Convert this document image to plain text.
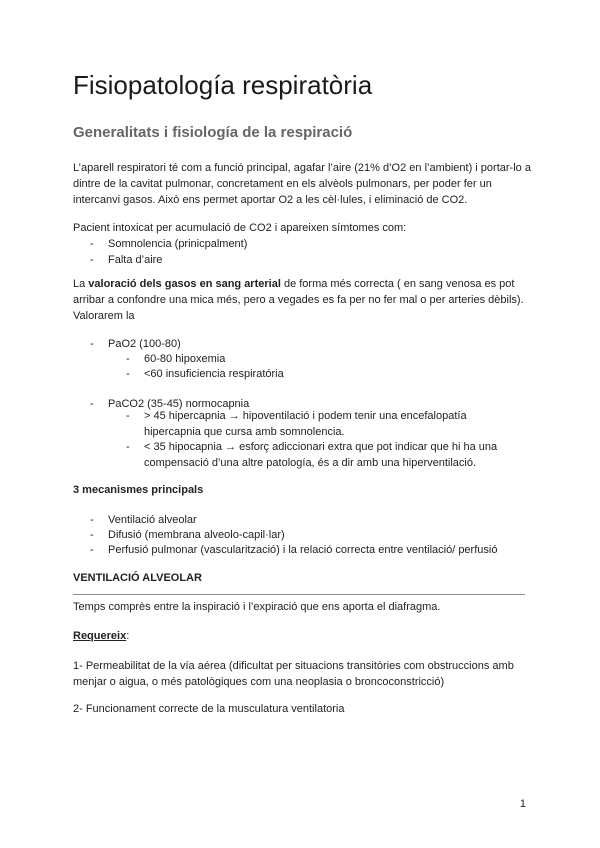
Fisiopatología respiratòria
Generalitats i fisiología de la respiració

L’aparell respiratori té com a funció principal, agafar l’aire (21% d’O2 en l’ambient) i portar-lo a dintre de la cavitat pulmonar, concretament en els alvèols pulmonars, per poder fer un intercanvi gasos. Això ens permet aportar O2 a les cèl·lules, i eliminació de CO2.

Pacient intoxicat per acumulació de CO2 i apareixen símtomes com:

-	Somnolencia (prinicpalment)
-	Falta d’aire

La valoració dels gasos en sang arterial de forma més correcta ( en sang venosa es pot arribar a confondre una mica més, pero a vegades es fa per no fer mal o per arteries dèbils). Valorarem la

-	PaO2 (100-80)
-	60-80 hipoxemia
-	<60 insuficiencia respiratória
-	PaCO2 (35-45) normocapnia
-	> 45 hipercapnia → hipoventilació i podem tenir una encefalopatía hipercapnia que cursa amb somnolencia.
-	< 35 hipocapnia → esforç adiccionari extra que pot indicar que hi ha una compensació d’una altre patología, és a dir amb una hiperventilació.

3 mecanismes principals

-	Ventilació alveolar
-	Difusió (membrana alveolo-capil·lar)
-	Perfusió pulmonar (vascularització) i la relació correcta entre ventilació/ perfusió

VENTILACIÓ ALVEOLAR

Temps comprès entre la inspiració i l’expiració que ens aporta el diafragma.

Requereix:

1- Permeabilitat de la vía aérea (dificultat per situacions transitòries com obstruccions amb menjar o aigua, o més patològiques com una neoplasia o broncoconstricció)

2- Funcionament correcte de la musculatura ventilatoria

1
